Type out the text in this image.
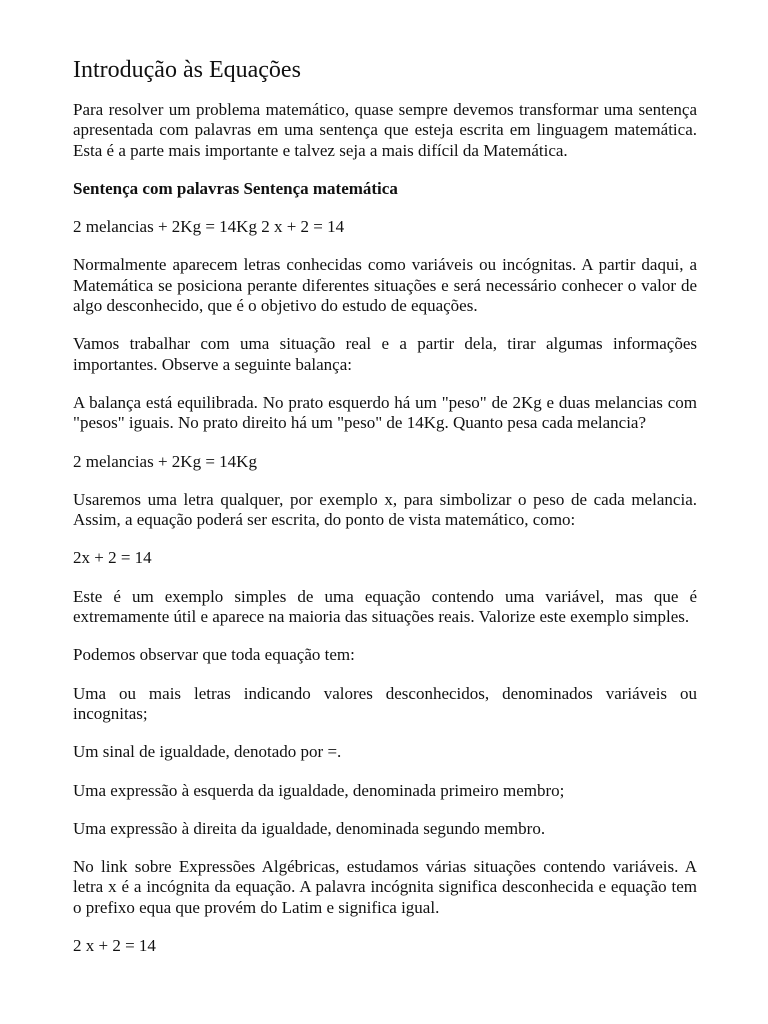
Introdução às Equações

Para resolver um problema matemático, quase sempre devemos transformar uma sentença apresentada com palavras em uma sentença que esteja escrita em linguagem matemática. Esta é a parte mais importante e talvez seja a mais difícil da Matemática.

Sentença com palavras Sentença matemática

2 melancias + 2Kg = 14Kg 2 x + 2 = 14

Normalmente aparecem letras conhecidas como variáveis ou incógnitas. A partir daqui, a Matemática se posiciona perante diferentes situações e será necessário conhecer o valor de algo desconhecido, que é o objetivo do estudo de equações.

Vamos trabalhar com uma situação real e a partir dela, tirar algumas informações importantes. Observe a seguinte balança:

A balança está equilibrada. No prato esquerdo há um "peso" de 2Kg e duas melancias com "pesos" iguais. No prato direito há um "peso" de 14Kg. Quanto pesa cada melancia?

2 melancias + 2Kg = 14Kg

Usaremos uma letra qualquer, por exemplo x, para simbolizar o peso de cada melancia. Assim, a equação poderá ser escrita, do ponto de vista matemático, como:

2x + 2 = 14

Este é um exemplo simples de uma equação contendo uma variável, mas que é extremamente útil e aparece na maioria das situações reais. Valorize este exemplo simples.

Podemos observar que toda equação tem:

Uma ou mais letras indicando valores desconhecidos, denominados variáveis ou incognitas;

Um sinal de igualdade, denotado por =.

Uma expressão à esquerda da igualdade, denominada primeiro membro;

Uma expressão à direita da igualdade, denominada segundo membro.

No link sobre Expressões Algébricas, estudamos várias situações contendo variáveis. A letra x é a incógnita da equação. A palavra incógnita significa desconhecida e equação tem o prefixo equa que provém do Latim e significa igual.

2 x + 2 = 14
